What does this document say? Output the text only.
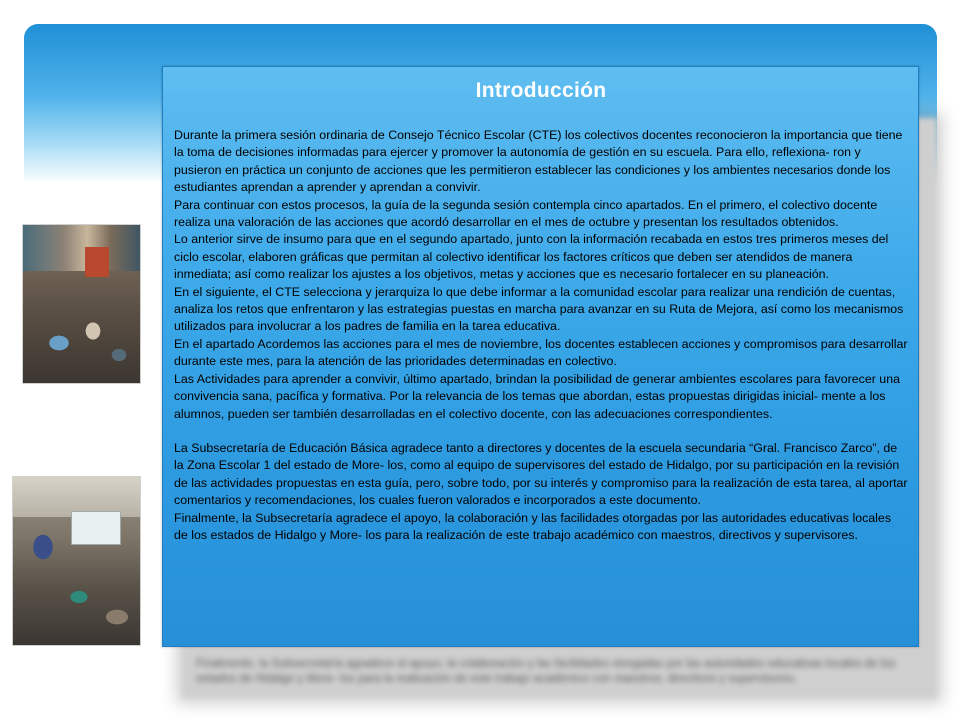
Finalmente, la Subsecretaría agradece el apoyo, la colaboración y las facilidades otorgadas por las autoridades educativas locales de los estados de Hidalgo y More- los para la realización de este trabajo académico con maestros, directivos y supervisores.
Introducción

Durante la primera sesión ordinaria de Consejo Técnico Escolar (CTE) los colectivos docentes reconocieron la importancia que tiene la toma de decisiones informadas para ejercer y promover la autonomía de gestión en su escuela. Para ello, reflexiona- ron y pusieron en práctica un conjunto de acciones que les permitieron establecer las condiciones y los ambientes necesarios donde los estudiantes aprendan a aprender y aprendan a convivir.

Para continuar con estos procesos, la guía de la segunda sesión contempla cinco apartados. En el primero, el colectivo docente realiza una valoración de las acciones que acordó desarrollar en el mes de octubre y presentan los resultados obtenidos.

Lo anterior sirve de insumo para que en el segundo apartado, junto con la información recabada en estos tres primeros meses del ciclo escolar, elaboren gráficas que permitan al colectivo identificar los factores críticos que deben ser atendidos de manera inmediata; así como realizar los ajustes a los objetivos, metas y acciones que es necesario fortalecer en su planeación.

En el siguiente, el CTE selecciona y jerarquiza lo que debe informar a la comunidad escolar para realizar una rendición de cuentas, analiza los retos que enfrentaron y las estrategias puestas en marcha para avanzar en su Ruta de Mejora, así como los mecanismos utilizados para involucrar a los padres de familia en la tarea educativa.

En el apartado Acordemos las acciones para el mes de noviembre, los docentes establecen acciones y compromisos para desarrollar durante este mes, para la atención de las prioridades determinadas en colectivo.

Las Actividades para aprender a convivir, último apartado, brindan la posibilidad de generar ambientes escolares para favorecer una convivencia sana, pacífica y formativa. Por la relevancia de los temas que abordan, estas propuestas dirigidas inicial- mente a los alumnos, pueden ser también desarrolladas en el colectivo docente, con las adecuaciones correspondientes.

La Subsecretaría de Educación Básica agradece tanto a directores y docentes de la escuela secundaria “Gral. Francisco Zarco”, de la Zona Escolar 1 del estado de More- los, como al equipo de supervisores del estado de Hidalgo, por su participación en la revisión de las actividades propuestas en esta guía, pero, sobre todo, por su interés y compromiso para la realización de esta tarea, al aportar comentarios y recomendaciones, los cuales fueron valorados e incorporados a este documento.

Finalmente, la Subsecretaría agradece el apoyo, la colaboración y las facilidades otorgadas por las autoridades educativas locales de los estados de Hidalgo y More- los para la realización de este trabajo académico con maestros, directivos y supervisores.
